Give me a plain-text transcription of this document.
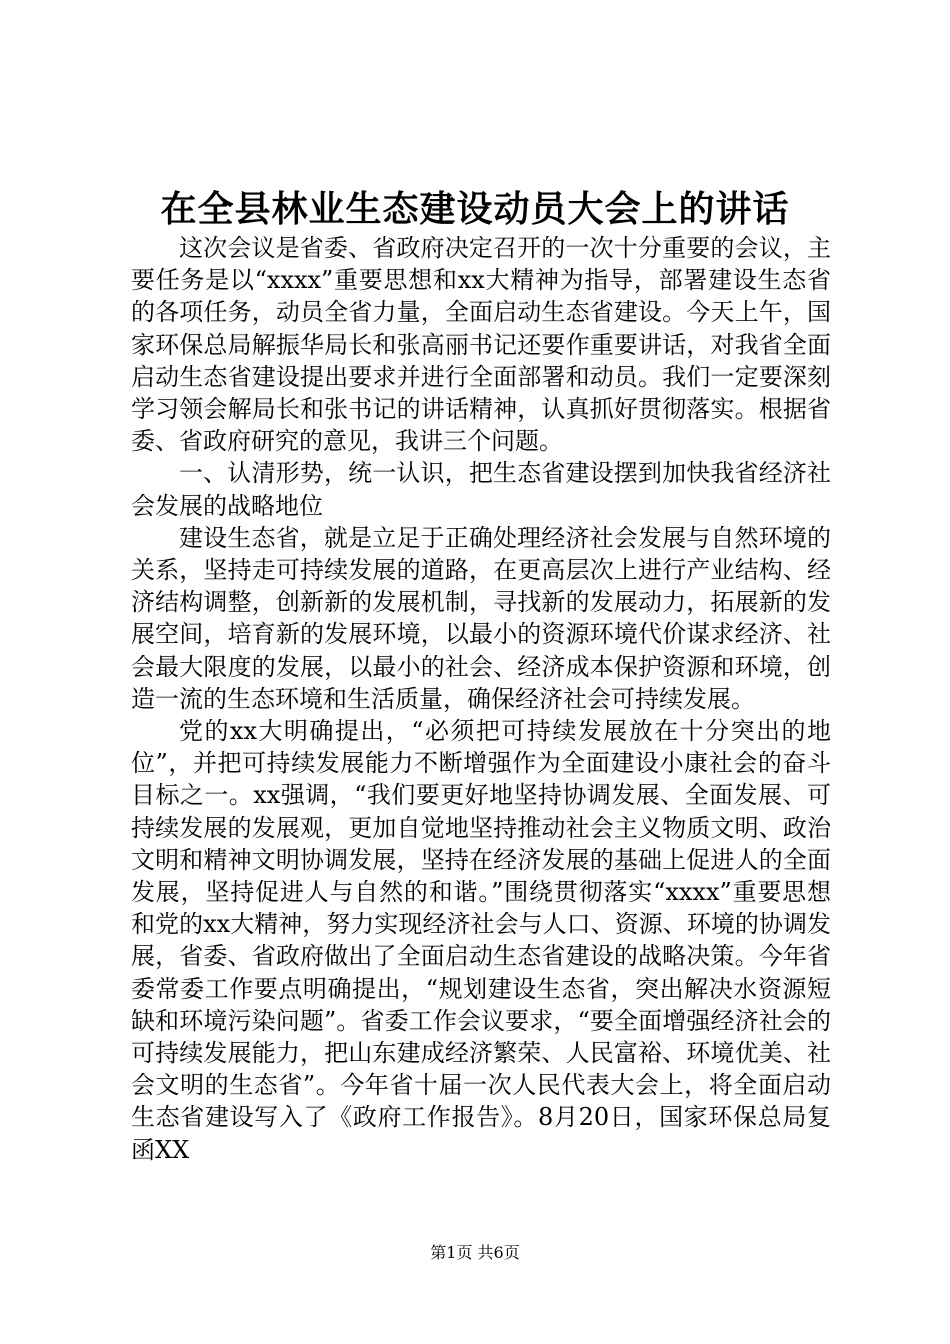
在全县林业生态建设动员大会上的讲话

这次会议是省委、省政府决定召开的一次十分重要的会议，主要任务是以“xxxx”重要思想和xx大精神为指导，部署建设生态省的各项任务，动员全省力量，全面启动生态省建设。今天上午，国家环保总局解振华局长和张高丽书记还要作重要讲话，对我省全面启动生态省建设提出要求并进行全面部署和动员。我们一定要深刻学习领会解局长和张书记的讲话精神，认真抓好贯彻落实。根据省委、省政府研究的意见，我讲三个问题。

一、认清形势，统一认识，把生态省建设摆到加快我省经济社会发展的战略地位

建设生态省，就是立足于正确处理经济社会发展与自然环境的关系，坚持走可持续发展的道路，在更高层次上进行产业结构、经济结构调整，创新新的发展机制，寻找新的发展动力，拓展新的发展空间，培育新的发展环境，以最小的资源环境代价谋求经济、社会最大限度的发展，以最小的社会、经济成本保护资源和环境，创造一流的生态环境和生活质量，确保经济社会可持续发展。

党的xx大明确提出，“必须把可持续发展放在十分突出的地位”，并把可持续发展能力不断增强作为全面建设小康社会的奋斗目标之一。xx强调，“我们要更好地坚持协调发展、全面发展、可持续发展的发展观，更加自觉地坚持推动社会主义物质文明、政治文明和精神文明协调发展，坚持在经济发展的基础上促进人的全面发展，坚持促进人与自然的和谐。”围绕贯彻落实“xxxx”重要思想和党的xx大精神，努力实现经济社会与人口、资源、环境的协调发展，省委、省政府做出了全面启动生态省建设的战略决策。今年省委常委工作要点明确提出，“规划建设生态省，突出解决水资源短缺和环境污染问题”。省委工作会议要求，“要全面增强经济社会的可持续发展能力，把山东建成经济繁荣、人民富裕、环境优美、社会文明的生态省”。今年省十届一次人民代表大会上，将全面启动生态省建设写入了《政府工作报告》。8月20日，国家环保总局复函XX

第1页 共6页
